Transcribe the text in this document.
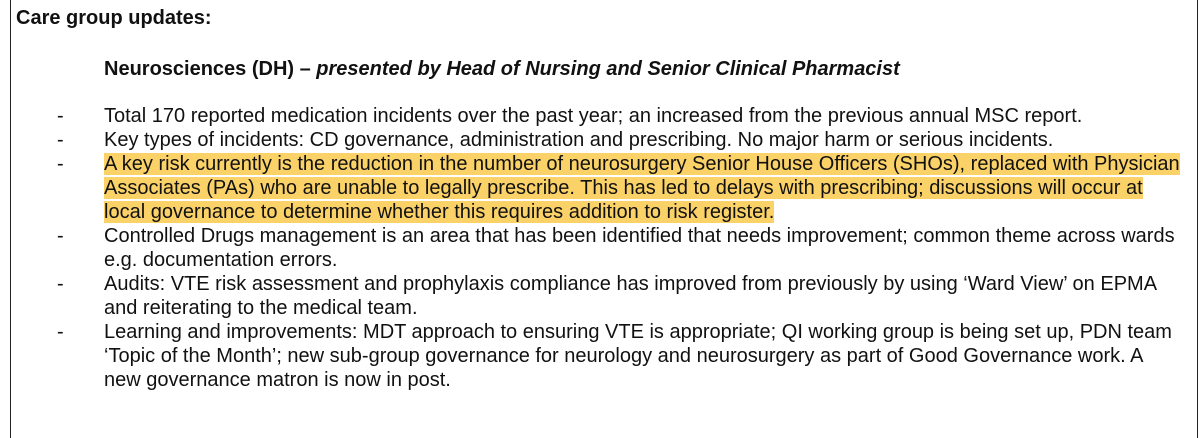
Care group updates:

Neurosciences (DH) – presented by Head of Nursing and Senior Clinical Pharmacist

- Total 170 reported medication incidents over the past year; an increased from the previous annual MSC report.
- Key types of incidents: CD governance, administration and prescribing. No major harm or serious incidents.
- A key risk currently is the reduction in the number of neurosurgery Senior House Officers (SHOs), replaced with Physician Associates (PAs) who are unable to legally prescribe. This has led to delays with prescribing; discussions will occur at local governance to determine whether this requires addition to risk register.
- Controlled Drugs management is an area that has been identified that needs improvement; common theme across wards e.g. documentation errors.
- Audits: VTE risk assessment and prophylaxis compliance has improved from previously by using ‘Ward View’ on EPMA and reiterating to the medical team.
- Learning and improvements: MDT approach to ensuring VTE is appropriate; QI working group is being set up, PDN team ‘Topic of the Month’; new sub-group governance for neurology and neurosurgery as part of Good Governance work. A new governance matron is now in post.
